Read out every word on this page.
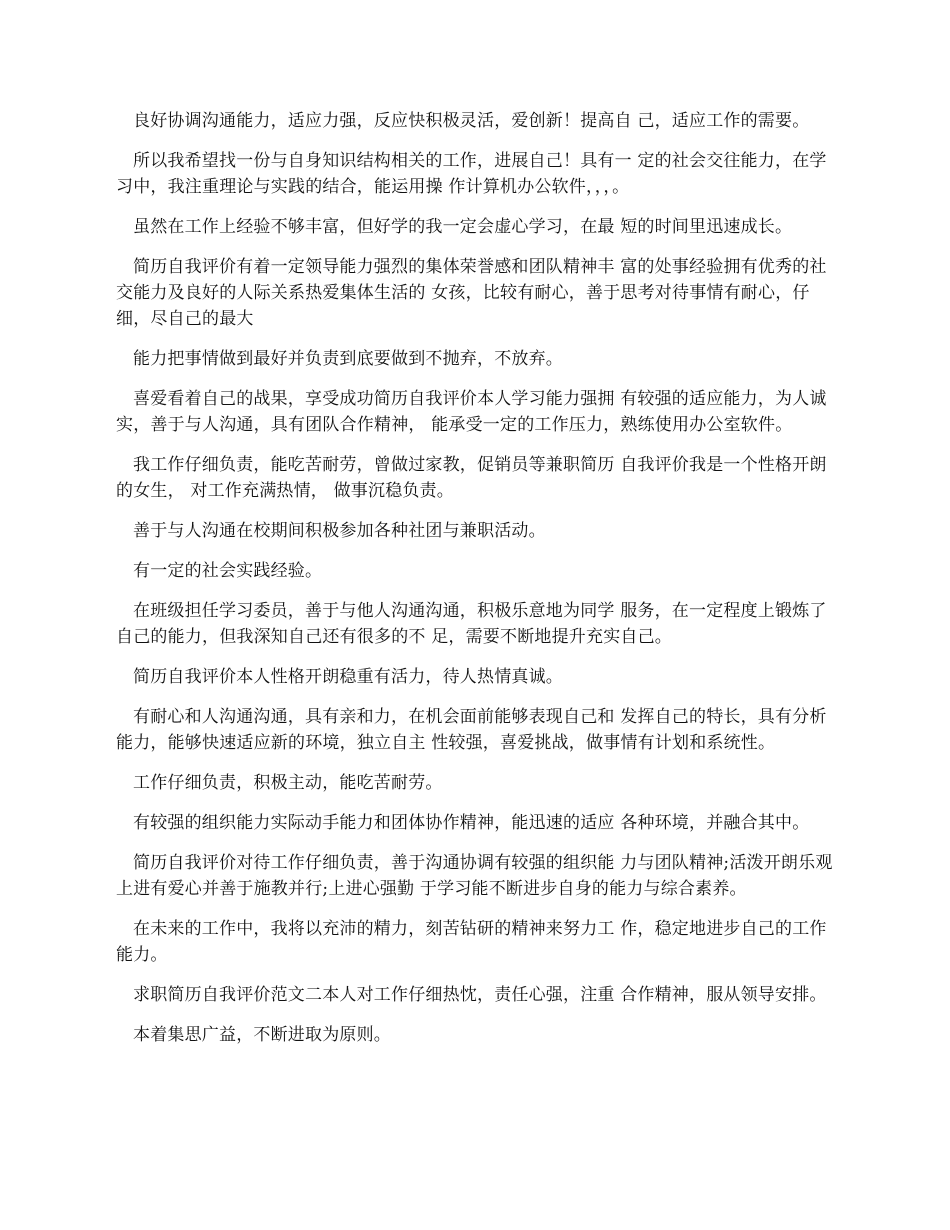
良好协调沟通能力，适应力强，反应快积极灵活，爱创新！提高自 己，适应工作的需要。

所以我希望找一份与自身知识结构相关的工作，进展自己！具有一 定的社会交往能力，在学习中，我注重理论与实践的结合，能运用操 作计算机办公软件，，，。

虽然在工作上经验不够丰富，但好学的我一定会虚心学习，在最 短的时间里迅速成长。

简历自我评价有着一定领导能力强烈的集体荣誉感和团队精神丰 富的处事经验拥有优秀的社交能力及良好的人际关系热爱集体生活的 女孩，比较有耐心，善于思考对待事情有耐心，仔细，尽自己的最大

能力把事情做到最好并负责到底要做到不抛弃，不放弃。

喜爱看着自己的战果，享受成功简历自我评价本人学习能力强拥 有较强的适应能力，为人诚实，善于与人沟通，具有团队合作精神， 能承受一定的工作压力，熟练使用办公室软件。

我工作仔细负责，能吃苦耐劳，曾做过家教，促销员等兼职简历 自我评价我是一个性格开朗的女生， 对工作充满热情， 做事沉稳负责。

善于与人沟通在校期间积极参加各种社团与兼职活动。

有一定的社会实践经验。

在班级担任学习委员，善于与他人沟通沟通，积极乐意地为同学 服务，在一定程度上锻炼了自己的能力，但我深知自己还有很多的不 足，需要不断地提升充实自己。

简历自我评价本人性格开朗稳重有活力，待人热情真诚。

有耐心和人沟通沟通，具有亲和力，在机会面前能够表现自己和 发挥自己的特长，具有分析能力，能够快速适应新的环境，独立自主 性较强，喜爱挑战，做事情有计划和系统性。

工作仔细负责，积极主动，能吃苦耐劳。

有较强的组织能力实际动手能力和团体协作精神，能迅速的适应 各种环境，并融合其中。

简历自我评价对待工作仔细负责，善于沟通协调有较强的组织能 力与团队精神;活泼开朗乐观上进有爱心并善于施教并行;上进心强勤 于学习能不断进步自身的能力与综合素养。

在未来的工作中，我将以充沛的精力，刻苦钻研的精神来努力工 作，稳定地进步自己的工作能力。

求职简历自我评价范文二本人对工作仔细热忱，责任心强，注重 合作精神，服从领导安排。

本着集思广益，不断进取为原则。
